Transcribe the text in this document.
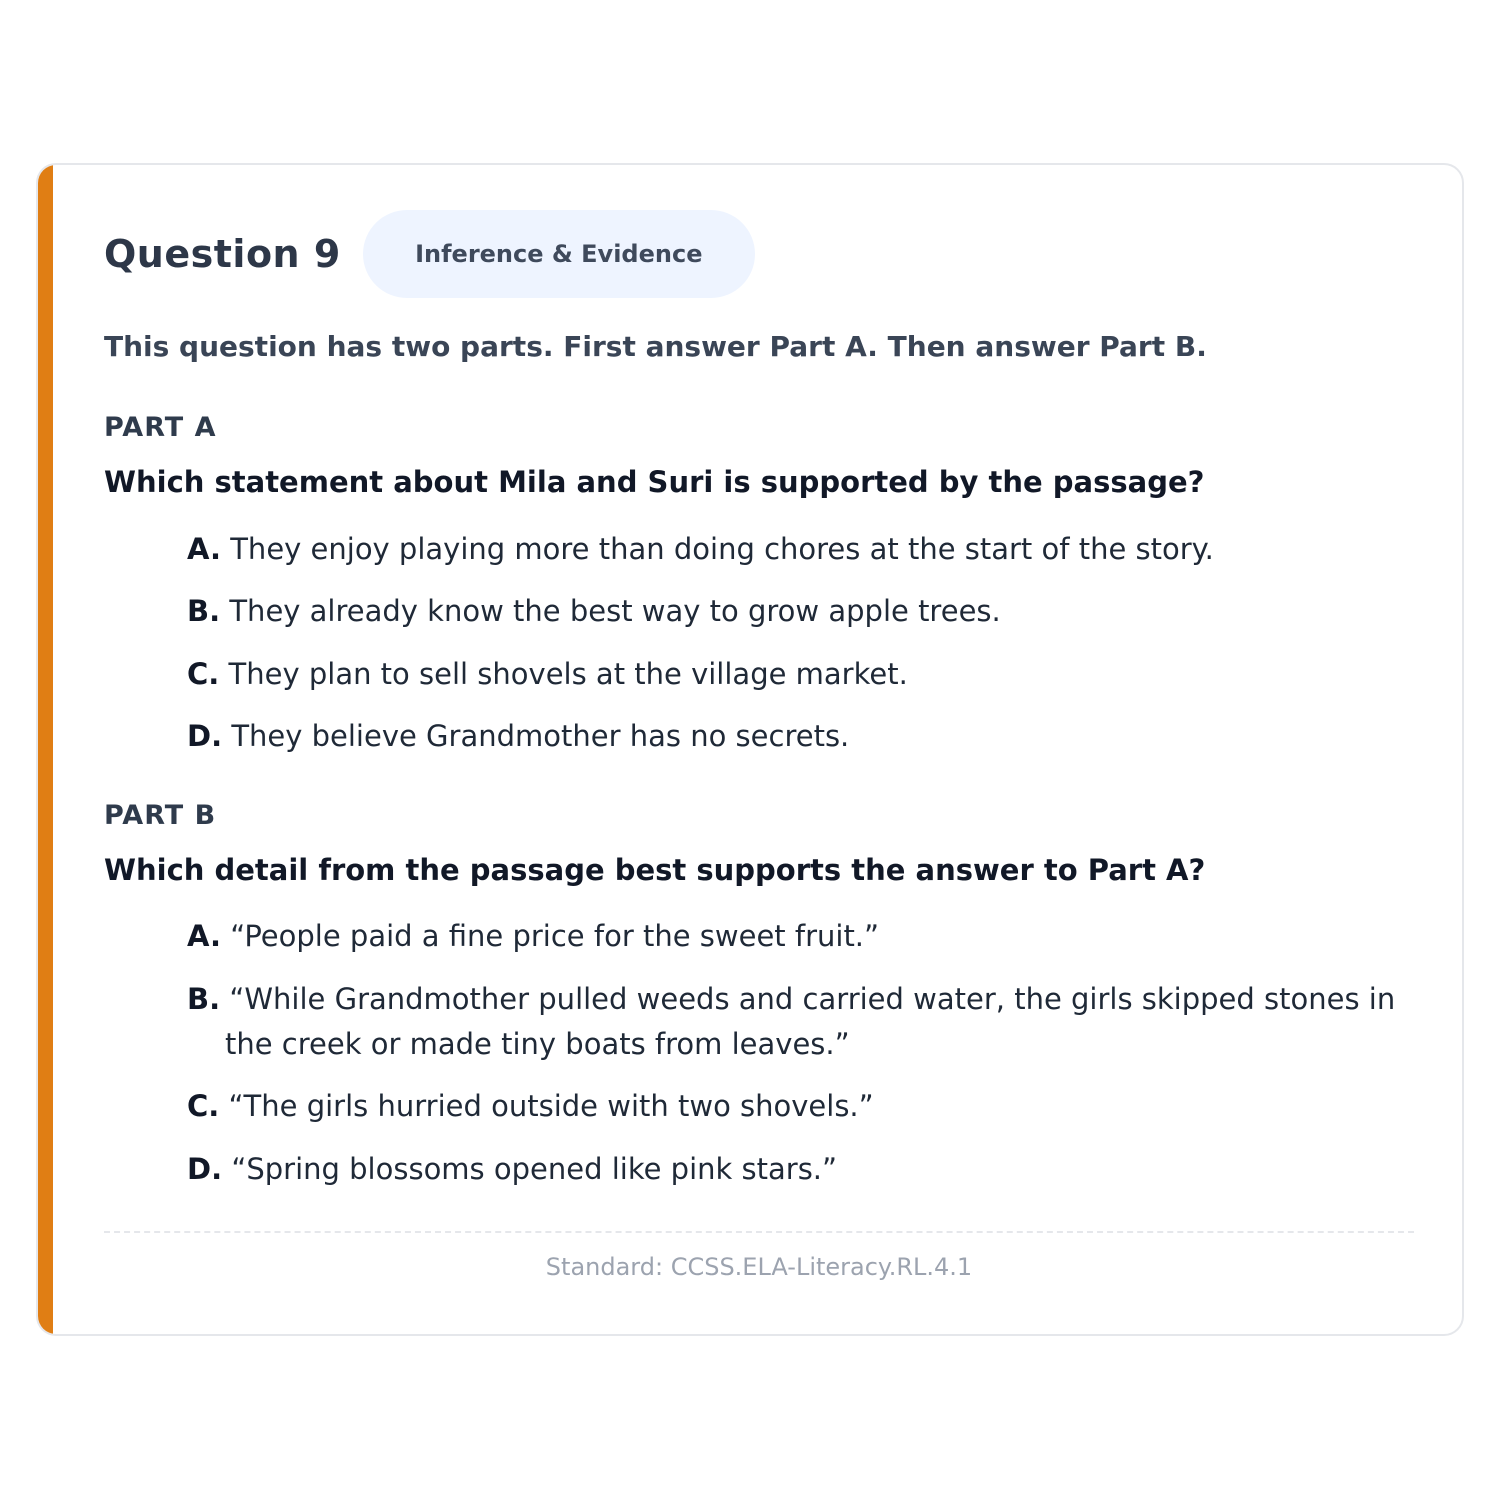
Question 9	Inference & Evidence
This question has two parts. First answer Part A. Then answer Part B.
PART A
Which statement about Mila and Suri is supported by the passage?
A. They enjoy playing more than doing chores at the start of the story.
B. They already know the best way to grow apple trees.
C. They plan to sell shovels at the village market.
D. They believe Grandmother has no secrets.
PART B
Which detail from the passage best supports the answer to Part A?
A. “People paid a fine price for the sweet fruit.”
B. “While Grandmother pulled weeds and carried water, the girls skipped stones in the creek or made tiny boats from leaves.”
C. “The girls hurried outside with two shovels.”
D. “Spring blossoms opened like pink stars.”
Standard: CCSS.ELA-Literacy.RL.4.1
